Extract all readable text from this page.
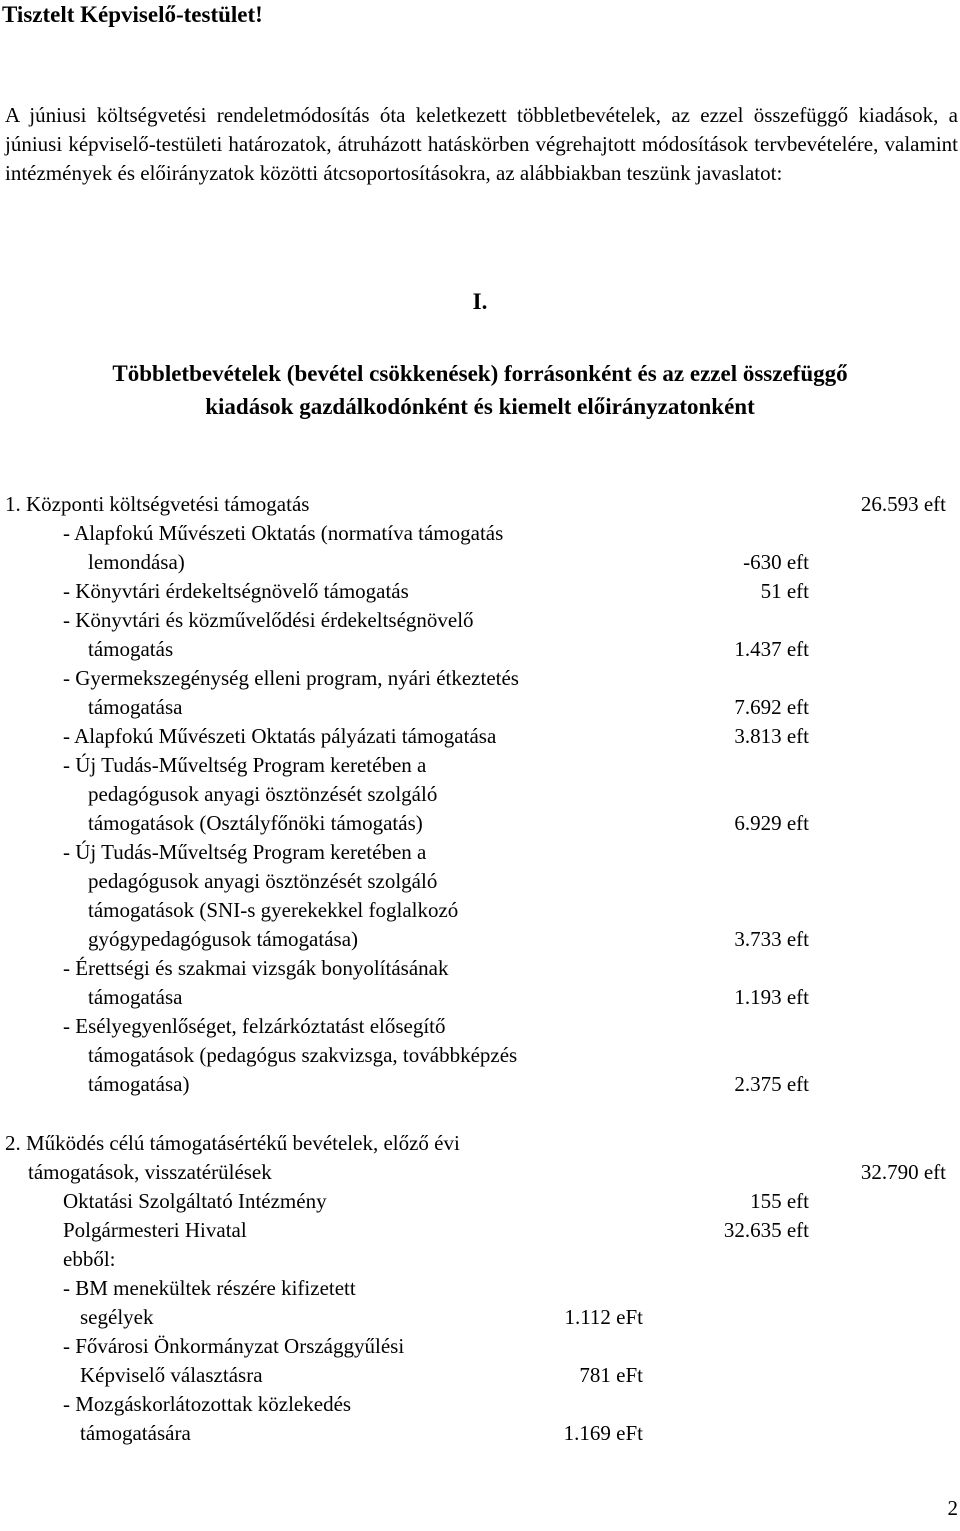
Tisztelt Képviselő-testület!
A júniusi költségvetési rendeletmódosítás óta keletkezett többletbevételek, az ezzel összefüggő kiadások, a júniusi képviselő-testületi határozatok, átruházott hatáskörben végrehajtott módosítások tervbevételére, valamint intézmények és előirányzatok közötti átcsoportosításokra, az alábbiakban teszünk javaslatot:
I.
Többletbevételek (bevétel csökkenések) forrásonként és az ezzel összefüggő
kiadások gazdálkodónként és kiemelt előirányzatonként
1. Központi költségvetési támogatás	26.593 eft
- Alapfokú Művészeti Oktatás (normatíva támogatás
lemondása)	-630 eft
- Könyvtári érdekeltségnövelő támogatás	51 eft
- Könyvtári és közművelődési érdekeltségnövelő
támogatás	1.437 eft
- Gyermekszegénység elleni program, nyári étkeztetés
támogatása	7.692 eft
- Alapfokú Művészeti Oktatás pályázati támogatása	3.813 eft
- Új Tudás-Műveltség Program keretében a
pedagógusok anyagi ösztönzését szolgáló
támogatások (Osztályfőnöki támogatás)	6.929 eft
- Új Tudás-Műveltség Program keretében a
pedagógusok anyagi ösztönzését szolgáló
támogatások (SNI-s gyerekekkel foglalkozó
gyógypedagógusok támogatása)	3.733 eft
- Érettségi és szakmai vizsgák bonyolításának
támogatása	1.193 eft
- Esélyegyenlőséget, felzárkóztatást elősegítő
támogatások (pedagógus szakvizsga, továbbképzés
támogatása)	2.375 eft
2. Működés célú támogatásértékű bevételek, előző évi
támogatások, visszatérülések	32.790 eft
Oktatási Szolgáltató Intézmény	155 eft
Polgármesteri Hivatal	32.635 eft
ebből:
- BM menekültek részére kifizetett
segélyek	1.112 eFt
- Fővárosi Önkormányzat Országgyűlési
Képviselő választásra	781 eFt
- Mozgáskorlátozottak közlekedés
támogatására	1.169 eFt
2
